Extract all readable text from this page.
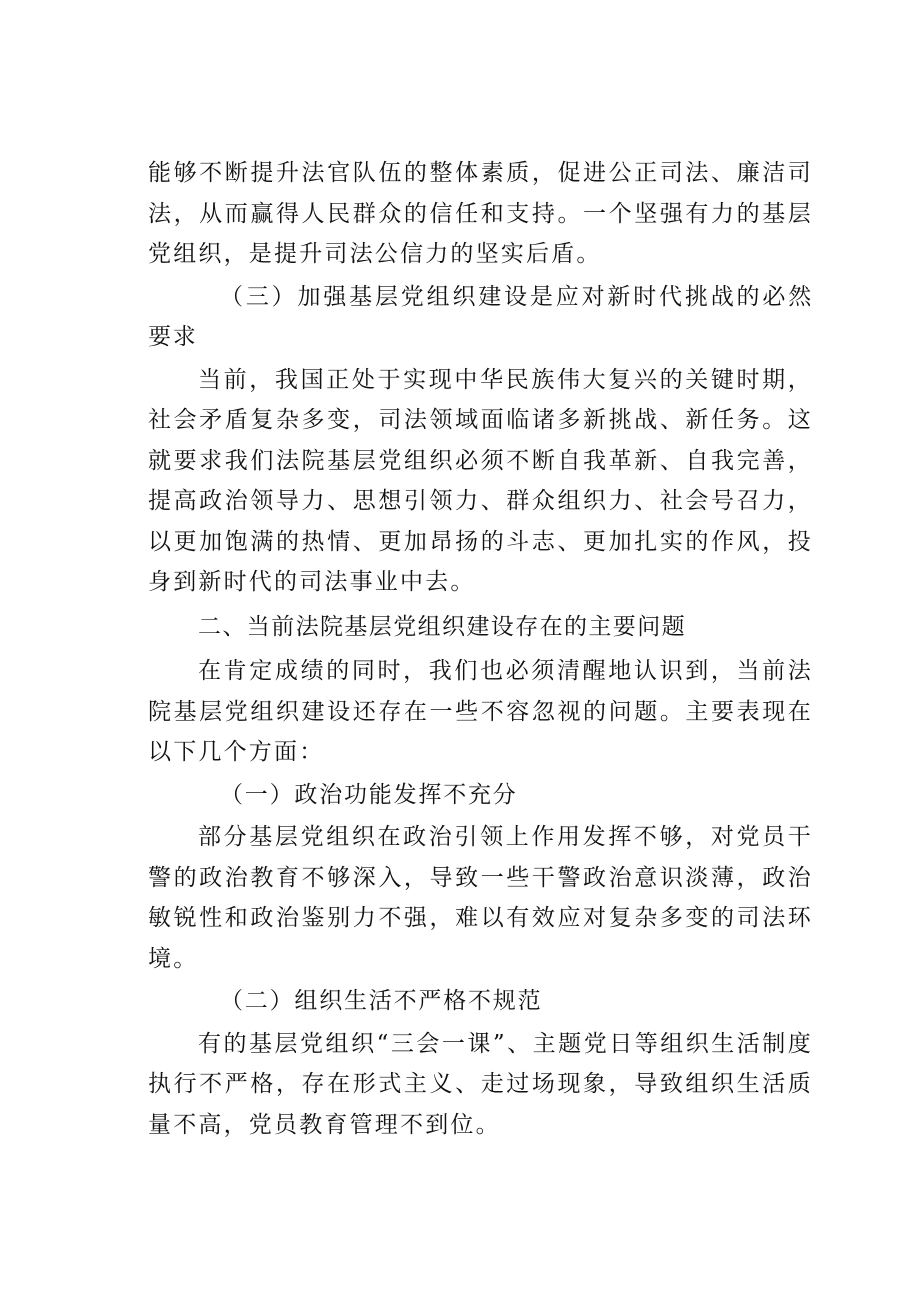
能够不断提升法官队伍的整体素质，促进公正司法、廉洁司法，从而赢得人民群众的信任和支持。一个坚强有力的基层党组织，是提升司法公信力的坚实后盾。

（三）加强基层党组织建设是应对新时代挑战的必然要求

当前，我国正处于实现中华民族伟大复兴的关键时期，社会矛盾复杂多变，司法领域面临诸多新挑战、新任务。这就要求我们法院基层党组织必须不断自我革新、自我完善，提高政治领导力、思想引领力、群众组织力、社会号召力，以更加饱满的热情、更加昂扬的斗志、更加扎实的作风，投身到新时代的司法事业中去。

二、当前法院基层党组织建设存在的主要问题

在肯定成绩的同时，我们也必须清醒地认识到，当前法院基层党组织建设还存在一些不容忽视的问题。主要表现在以下几个方面：

（一）政治功能发挥不充分

部分基层党组织在政治引领上作用发挥不够，对党员干警的政治教育不够深入，导致一些干警政治意识淡薄，政治敏锐性和政治鉴别力不强，难以有效应对复杂多变的司法环境。

（二）组织生活不严格不规范

有的基层党组织“三会一课”、主题党日等组织生活制度执行不严格，存在形式主义、走过场现象，导致组织生活质量不高，党员教育管理不到位。
